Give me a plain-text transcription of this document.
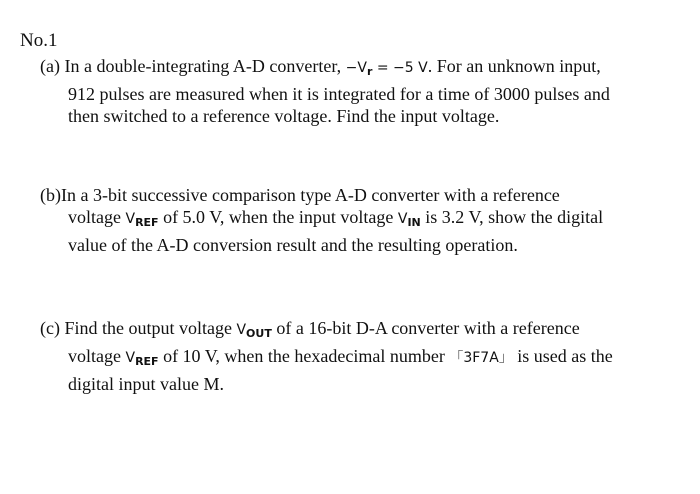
No.1
(a) In a double-integrating A-D converter, $-V_r = -5$ V. For an unknown input,
912 pulses are measured when it is integrated for a time of 3000 pulses and
then switched to a reference voltage. Find the input voltage.
(b)In a 3-bit successive comparison type A-D converter with a reference
voltage $V_{REF}$ of 5.0 V, when the input voltage $V_{IN}$ is 3.2 V, show the digital
value of the A-D conversion result and the resulting operation.
(c) Find the output voltage $V_{OUT}$ of a 16-bit D-A converter with a reference
voltage $V_{REF}$ of 10 V, when the hexadecimal number 「3F7A」 is used as the
digital input value M.
